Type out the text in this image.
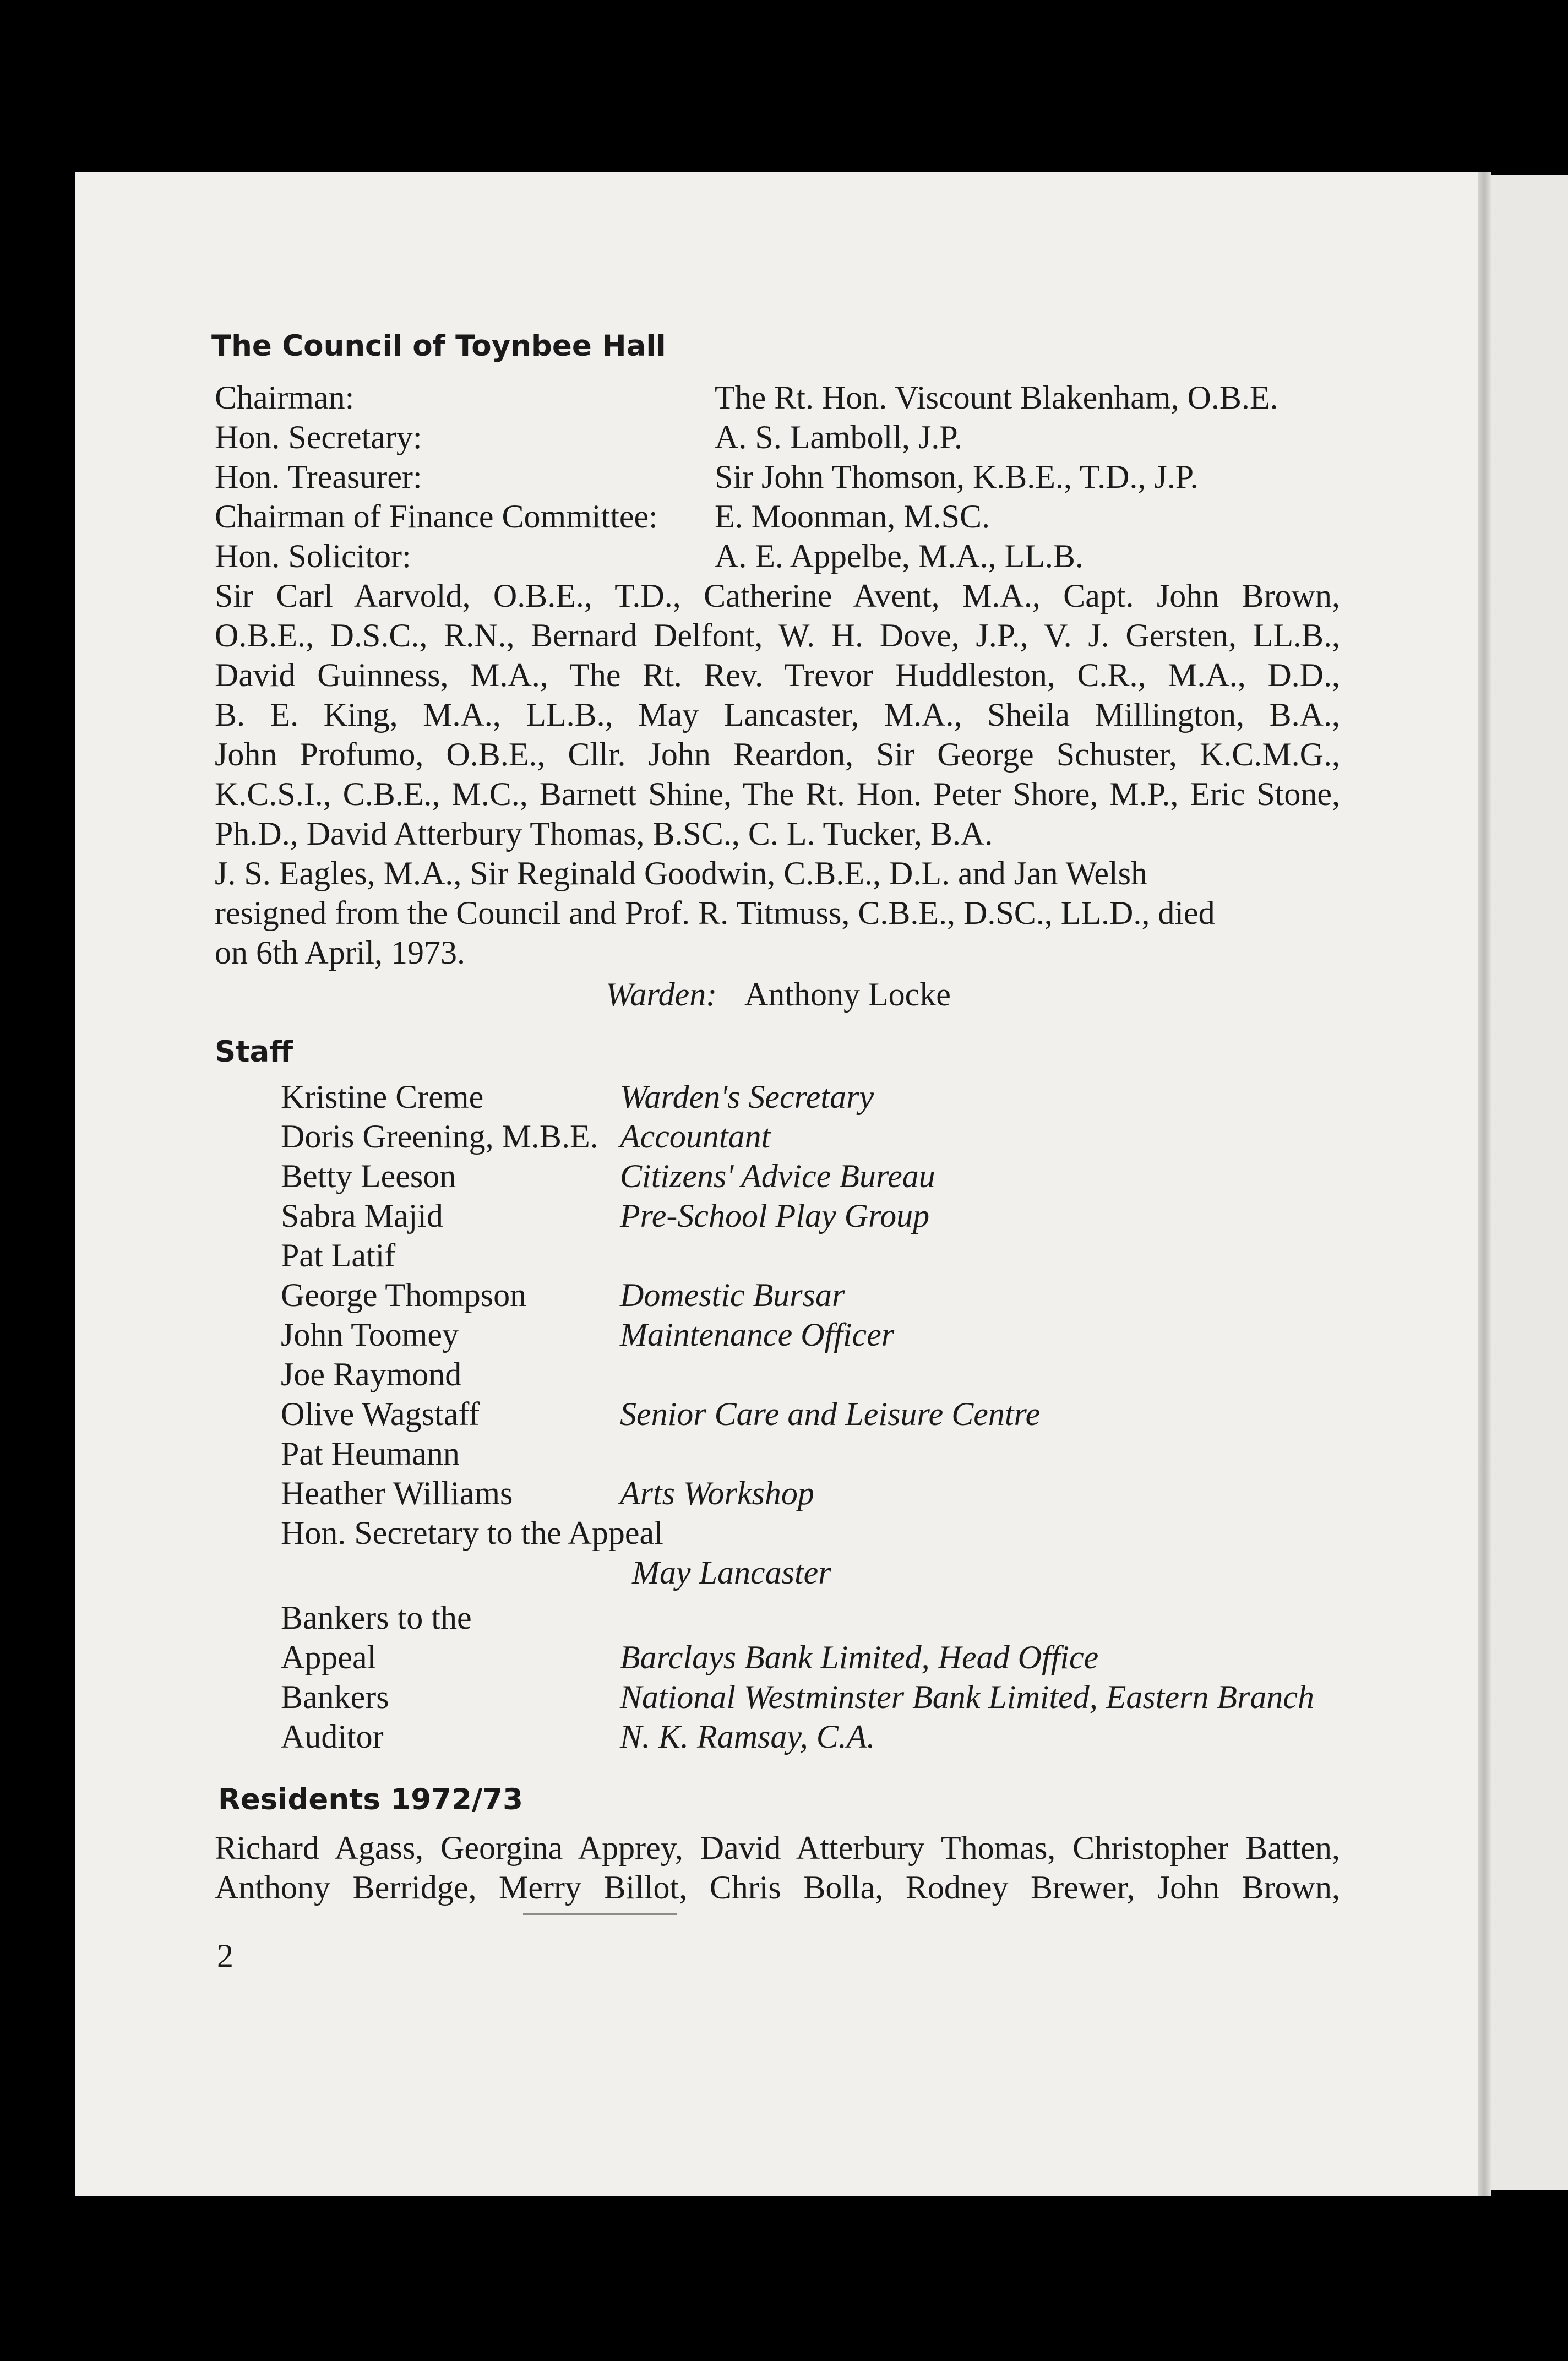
The Council of Toynbee Hall
Chairman:	The Rt. Hon. Viscount Blakenham, O.B.E.
Hon. Secretary:	A. S. Lamboll, J.P.
Hon. Treasurer:	Sir John Thomson, K.B.E., T.D., J.P.
Chairman of Finance Committee: E. Moonman, M.SC.
Hon. Solicitor:	A. E. Appelbe, M.A., LL.B.
Sir Carl Aarvold, O.B.E., T.D., Catherine Avent, M.A., Capt. John Brown,
O.B.E., D.S.C., R.N., Bernard Delfont, W. H. Dove, J.P., V. J. Gersten, LL.B.,
David Guinness, M.A., The Rt. Rev. Trevor Huddleston, C.R., M.A., D.D.,
B. E. King, M.A., LL.B., May Lancaster, M.A., Sheila Millington, B.A.,
John Profumo, O.B.E., Cllr. John Reardon, Sir George Schuster, K.C.M.G.,
K.C.S.I., C.B.E., M.C., Barnett Shine, The Rt. Hon. Peter Shore, M.P., Eric Stone,
Ph.D., David Atterbury Thomas, B.SC., C. L. Tucker, B.A.
J. S. Eagles, M.A., Sir Reginald Goodwin, C.B.E., D.L. and Jan Welsh
resigned from the Council and Prof. R. Titmuss, C.B.E., D.SC., LL.D., died
on 6th April, 1973.
Warden: Anthony Locke
Staff
Kristine Creme	Warden's Secretary
Doris Greening, M.B.E. Accountant
Betty Leeson	Citizens' Advice Bureau
Sabra Majid	Pre-School Play Group
Pat Latif
George Thompson	Domestic Bursar
John Toomey	Maintenance Officer
Joe Raymond
Olive Wagstaff	Senior Care and Leisure Centre
Pat Heumann
Heather Williams	Arts Workshop
Hon. Secretary to the Appeal
May Lancaster
Bankers to the
Appeal	Barclays Bank Limited, Head Office
Bankers	National Westminster Bank Limited, Eastern Branch
Auditor	N. K. Ramsay, C.A.
Residents 1972/73
Richard Agass, Georgina Apprey, David Atterbury Thomas, Christopher Batten,
Anthony Berridge, Merry Billot, Chris Bolla, Rodney Brewer, John Brown,
2
